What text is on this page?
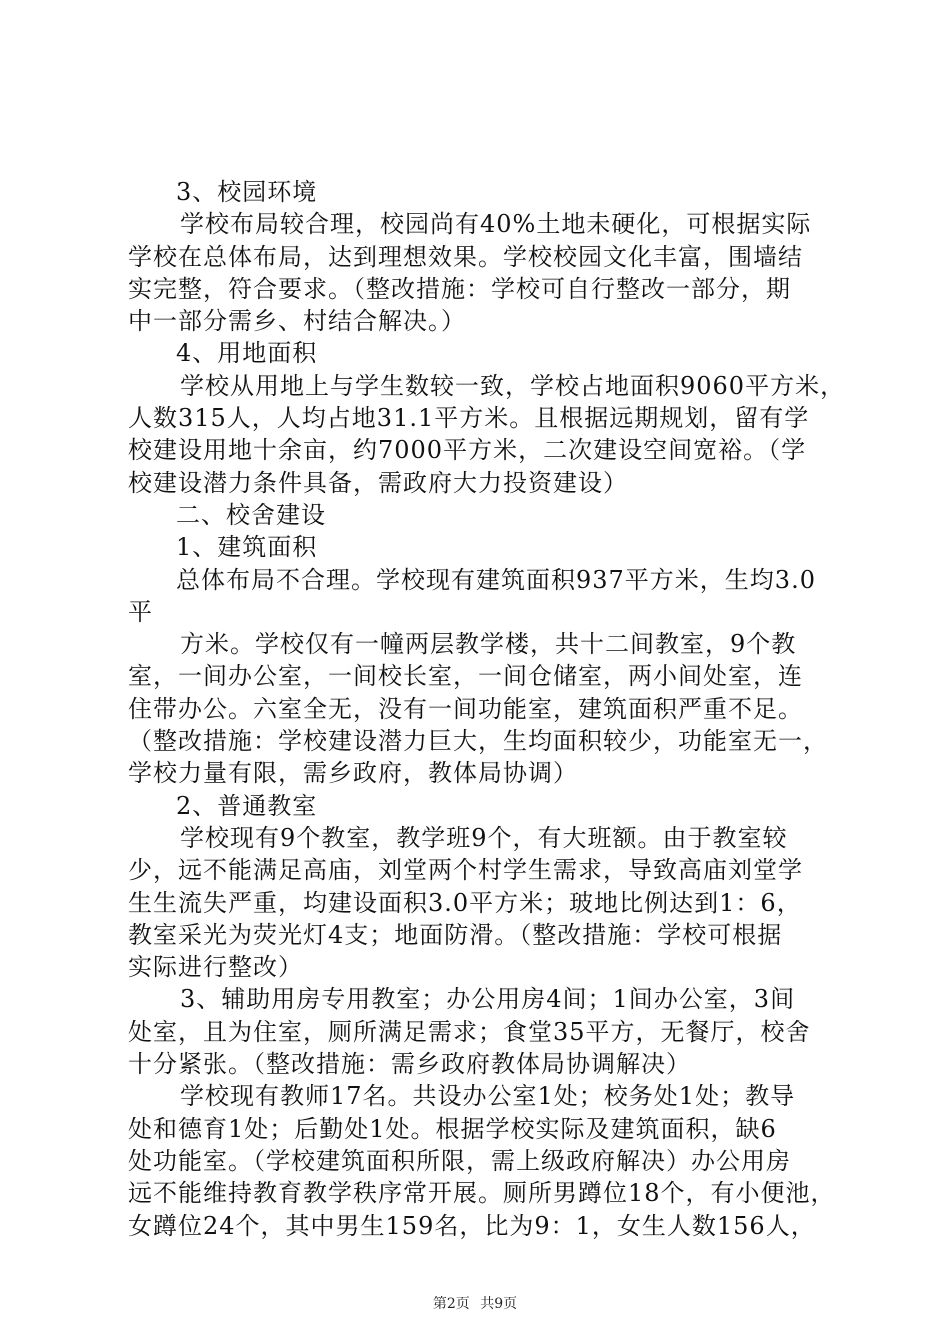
3、校园环境
学校布局较合理，校园尚有40%土地未硬化，可根据实际
学校在总体布局，达到理想效果。学校校园文化丰富，围墙结
实完整，符合要求。（整改措施：学校可自行整改一部分，期
中一部分需乡、村结合解决。）
4、用地面积
学校从用地上与学生数较一致，学校占地面积9060平方米，
人数315人，人均占地31.1平方米。且根据远期规划，留有学
校建设用地十余亩，约7000平方米，二次建设空间宽裕。（学
校建设潜力条件具备，需政府大力投资建设）
二、校舍建设
1、建筑面积
总体布局不合理。学校现有建筑面积937平方米，生均3.0
平
方米。学校仅有一幢两层教学楼，共十二间教室，9个教
室，一间办公室，一间校长室，一间仓储室，两小间处室，连
住带办公。六室全无，没有一间功能室，建筑面积严重不足。
（整改措施：学校建设潜力巨大，生均面积较少，功能室无一，
学校力量有限，需乡政府，教体局协调）
2、普通教室
学校现有9个教室，教学班9个，有大班额。由于教室较
少，远不能满足高庙，刘堂两个村学生需求，导致高庙刘堂学
生生流失严重，均建设面积3.0平方米；玻地比例达到1：6，
教室采光为荧光灯4支；地面防滑。（整改措施：学校可根据
实际进行整改）
3、辅助用房专用教室；办公用房4间；1间办公室，3间
处室，且为住室，厕所满足需求；食堂35平方，无餐厅，校舍
十分紧张。（整改措施：需乡政府教体局协调解决）
学校现有教师17名。共设办公室1处；校务处1处；教导
处和德育1处；后勤处1处。根据学校实际及建筑面积，缺6
处功能室。（学校建筑面积所限，需上级政府解决）办公用房
远不能维持教育教学秩序常开展。厕所男蹲位18个，有小便池，
女蹲位24个，其中男生159名，比为9：1，女生人数156人，
第2页 共9页
